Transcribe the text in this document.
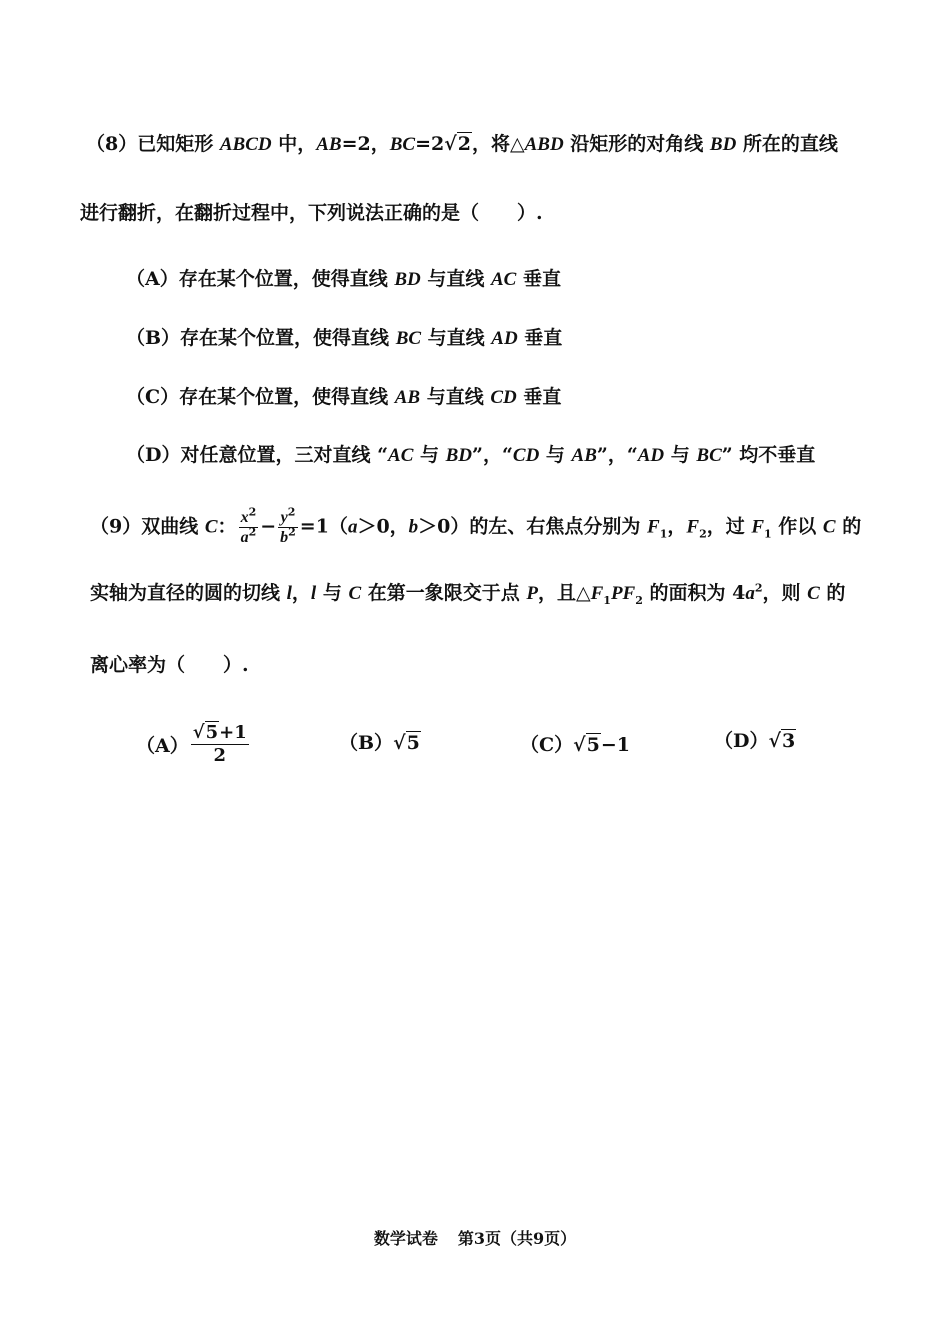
（8）已知矩形 ABCD 中，AB=2，BC=2√2，将△ABD 沿矩形的对角线 BD 所在的直线
进行翻折，在翻折过程中，下列说法正确的是（　　）.
（A）存在某个位置，使得直线 BD 与直线 AC 垂直
（B）存在某个位置，使得直线 BC 与直线 AD 垂直
（C）存在某个位置，使得直线 AB 与直线 CD 垂直
（D）对任意位置，三对直线 “AC 与 BD”，“CD 与 AB”，“AD 与 BC” 均不垂直
（9）双曲线 C： $\frac{x^2}{a^2} - \frac{y^2}{b^2} =1(a>0$，b＞0）的左、右焦点分别为 $F_1$，$F_2$，过 $F_1$ 作以 C 的
实轴为直径的圆的切线 l，l 与 C 在第一象限交于点 P，且$\triangle F_1PF_2$ 的面积为 $4a^2$，则 C 的
离心率为（　　）.
$(A) \frac{√5+1}{2}$	（B）√5	（C）√5−1	（D）√3
数学试卷 第3页（共9页）
